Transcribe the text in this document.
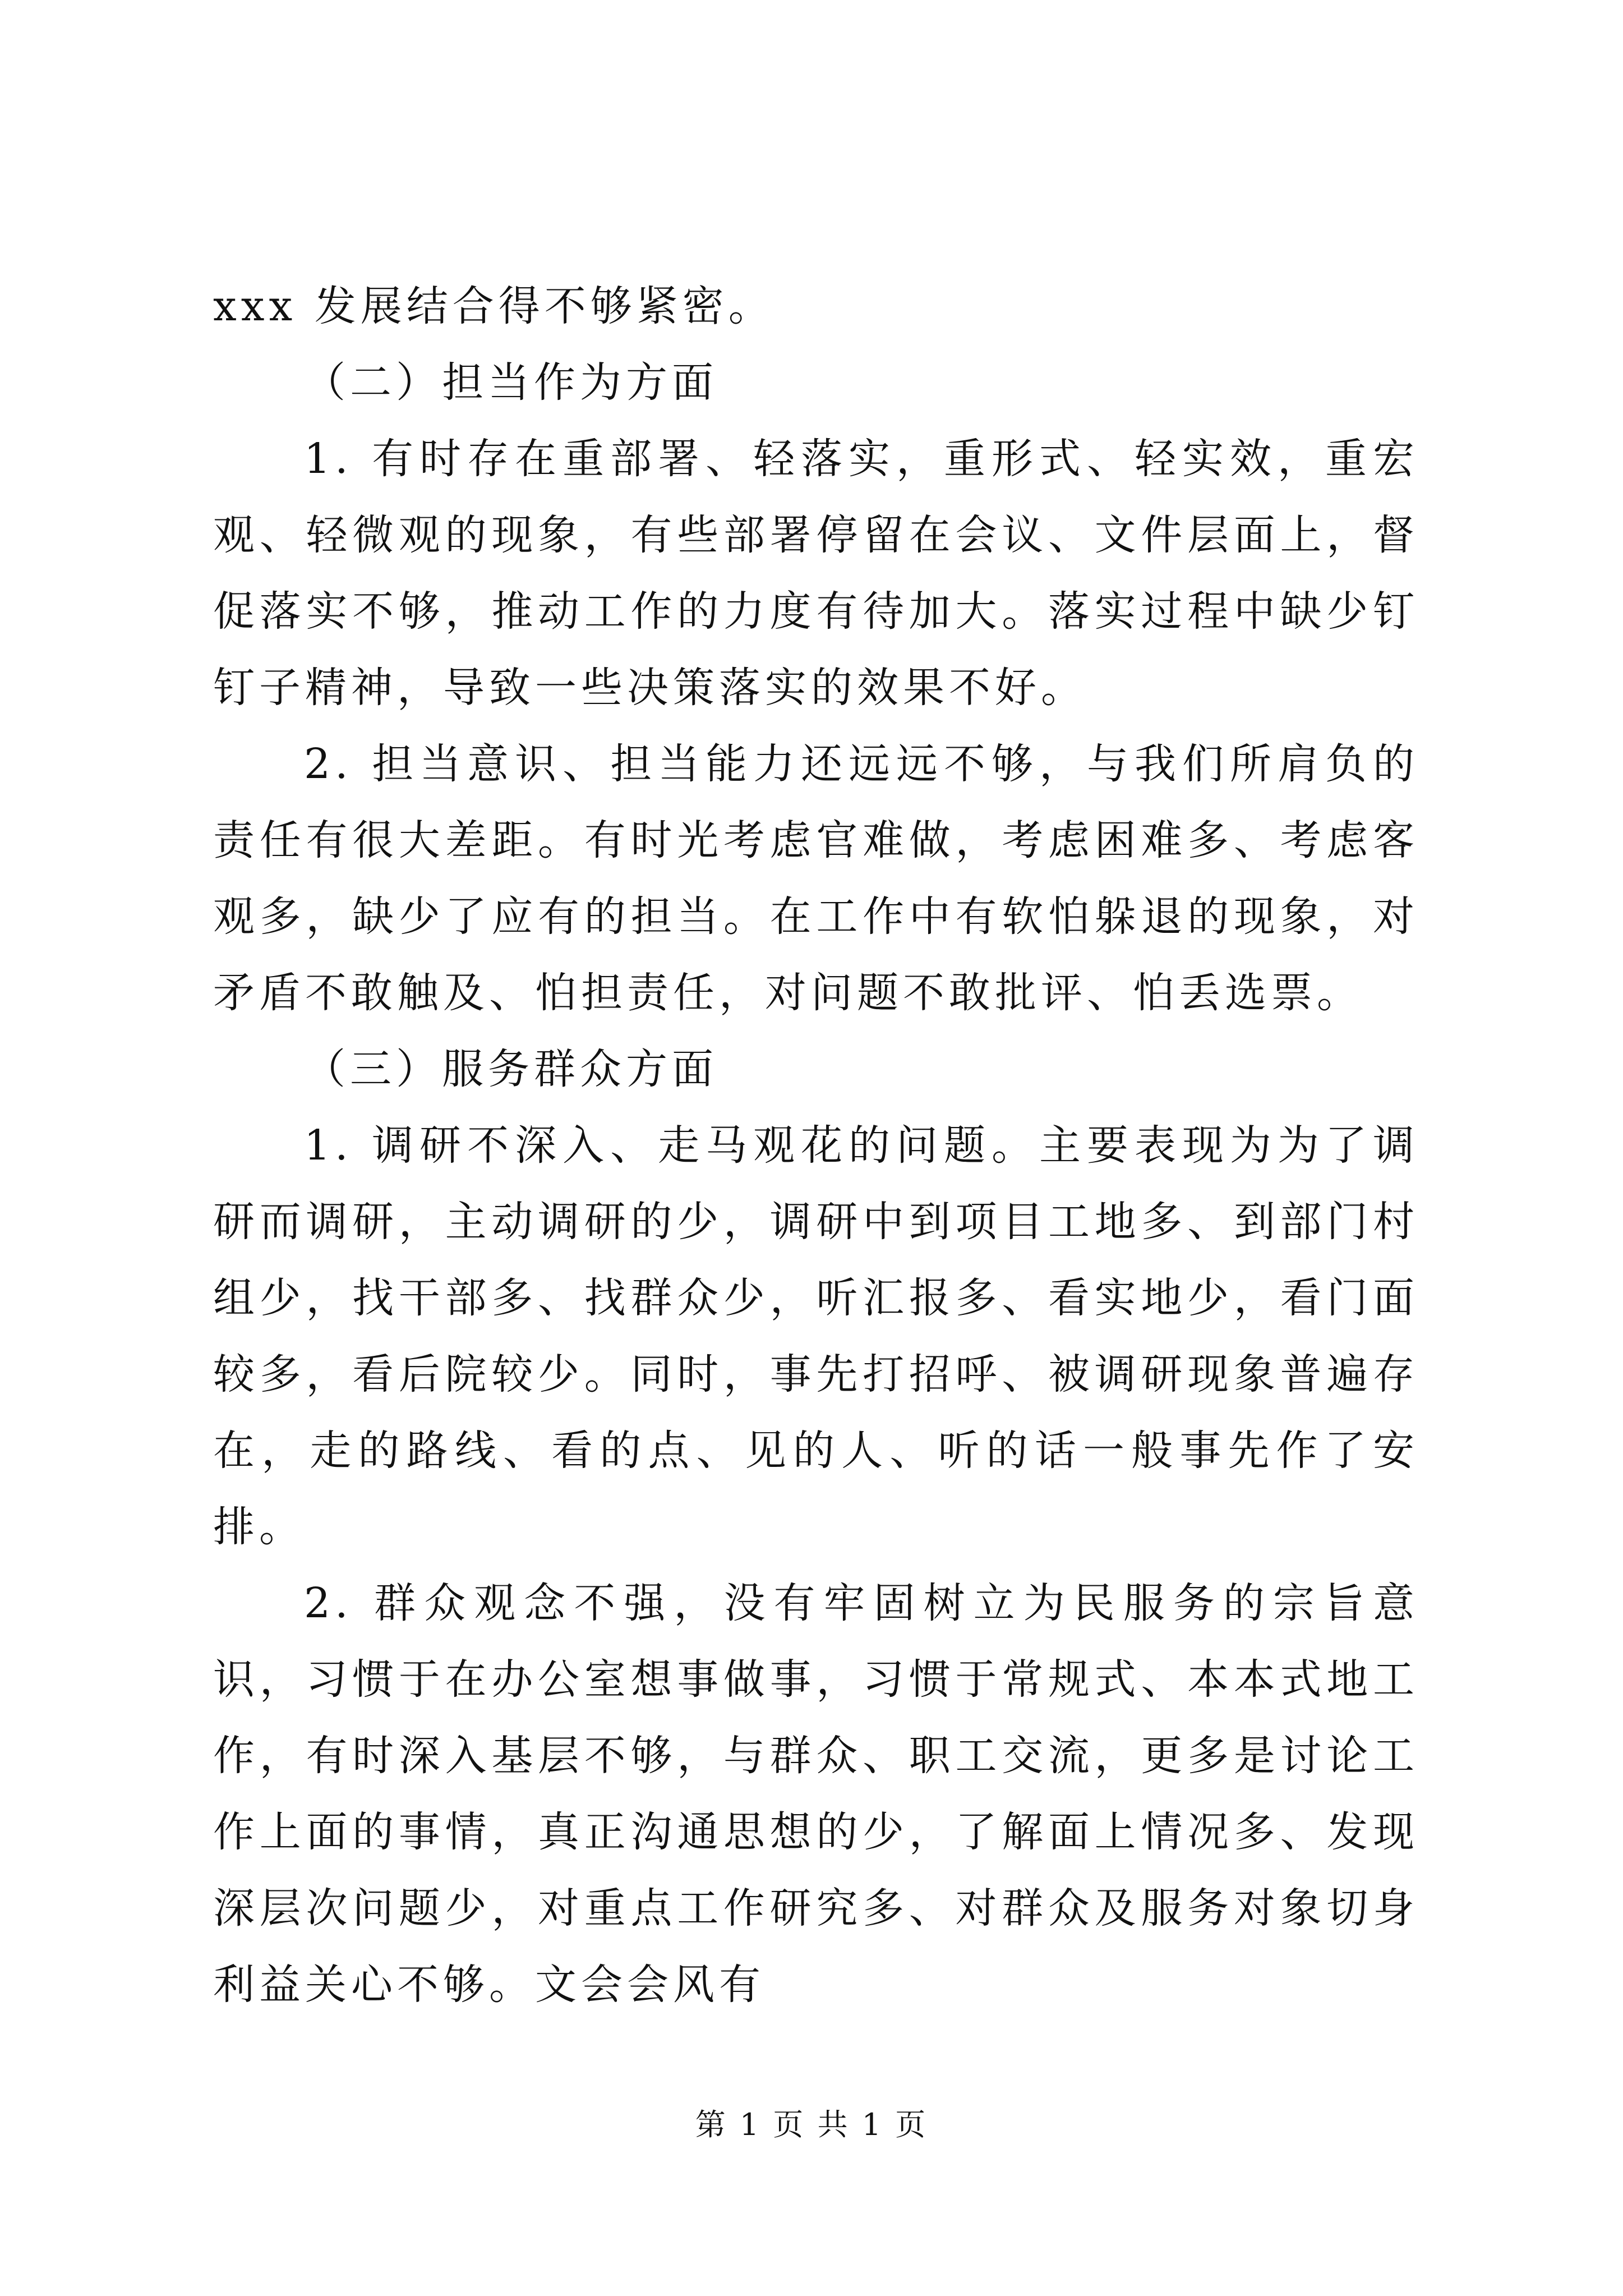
xxx 发展结合得不够紧密。

（二）担当作为方面

1. 有时存在重部署、轻落实，重形式、轻实效，重宏观、轻微观的现象，有些部署停留在会议、文件层面上，督促落实不够，推动工作的力度有待加大。落实过程中缺少钉钉子精神，导致一些决策落实的效果不好。

2. 担当意识、担当能力还远远不够，与我们所肩负的责任有很大差距。有时光考虑官难做，考虑困难多、考虑客观多，缺少了应有的担当。在工作中有软怕躲退的现象，对矛盾不敢触及、怕担责任，对问题不敢批评、怕丢选票。

（三）服务群众方面

1. 调研不深入、走马观花的问题。主要表现为为了调研而调研，主动调研的少，调研中到项目工地多、到部门村组少，找干部多、找群众少，听汇报多、看实地少，看门面较多，看后院较少。同时，事先打招呼、被调研现象普遍存在，走的路线、看的点、见的人、听的话一般事先作了安排。

2. 群众观念不强，没有牢固树立为民服务的宗旨意识，习惯于在办公室想事做事，习惯于常规式、本本式地工作，有时深入基层不够，与群众、职工交流，更多是讨论工作上面的事情，真正沟通思想的少，了解面上情况多、发现深层次问题少，对重点工作研究多、对群众及服务对象切身利益关心不够。文会会风有

第 1 页 共 1 页
